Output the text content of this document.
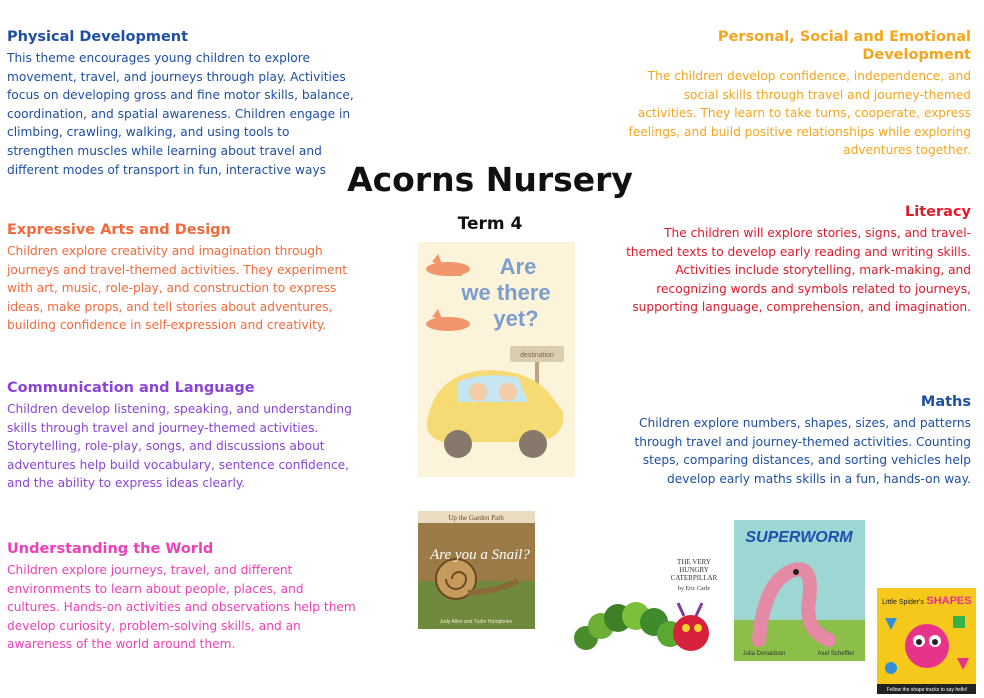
Physical Development

This theme encourages young children to explore movement, travel, and journeys through play. Activities focus on developing gross and fine motor skills, balance, coordination, and spatial awareness. Children engage in climbing, crawling, walking, and using tools to strengthen muscles while learning about travel and different modes of transport in fun, interactive ways

Expressive Arts and Design

Children explore creativity and imagination through journeys and travel-themed activities. They experiment with art, music, role-play, and construction to express ideas, make props, and tell stories about adventures, building confidence in self-expression and creativity.

Communication and Language

Children develop listening, speaking, and understanding skills through travel and journey-themed activities. Storytelling, role-play, songs, and discussions about adventures help build vocabulary, sentence confidence, and the ability to express ideas clearly.

Understanding the World

Children explore journeys, travel, and different environments to learn about people, places, and cultures. Hands-on activities and observations help them develop curiosity, problem-solving skills, and an awareness of the world around them.

Personal, Social and Emotional Development

The children develop confidence, independence, and social skills through travel and journey-themed activities. They learn to take turns, cooperate, express feelings, and build positive relationships while exploring adventures together.

Literacy

The children will explore stories, signs, and travel-themed texts to develop early reading and writing skills. Activities include storytelling, mark-making, and recognizing words and symbols related to journeys, supporting language, comprehension, and imagination.

Maths

Children explore numbers, shapes, sizes, and patterns through travel and journey-themed activities. Counting steps, comparing distances, and sorting vehicles help develop early maths skills in a fun, hands-on way.

Acorns Nursery
Term 4
Are
we there
yet?
destination
Up the Garden Path
Are you a Snail?
Judy Allen and Tudor Humphries
THE VERY
HUNGRY
CATERPILLAR
by Eric Carle
SUPERWORM
Julia Donaldson	Axel Scheffler
Little Spider's SHAPES
Follow the shape tracks to say hello!
